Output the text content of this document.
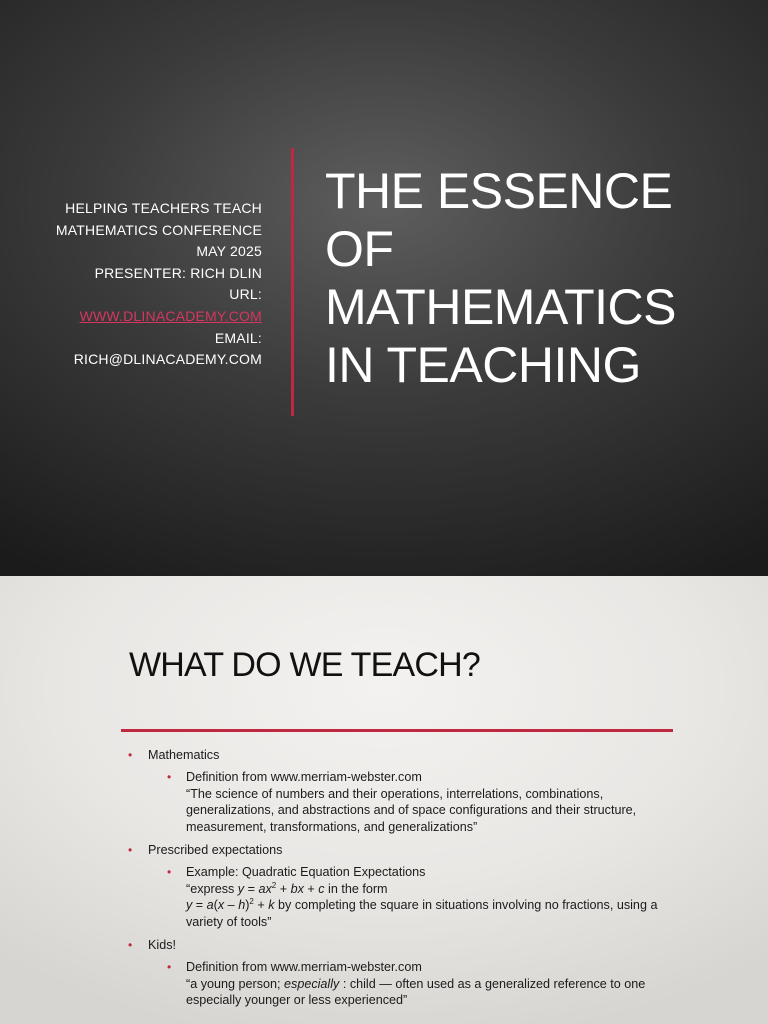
HELPING TEACHERS TEACH
MATHEMATICS CONFERENCE
MAY 2025
PRESENTER: RICH DLIN
URL:
WWW.DLINACADEMY.COM
EMAIL:
RICH@DLINACADEMY.COM
THE ESSENCE
OF
MATHEMATICS
IN TEACHING
WHAT DO WE TEACH?
• Mathematics
• Definition from www.merriam-webster.com
“The science of numbers and their operations, interrelations, combinations,
generalizations, and abstractions and of space configurations and their structure,
measurement, transformations, and generalizations”
• Prescribed expectations
• Example: Quadratic Equation Expectations
“express $y = ax^2$ + bx + c in the form
y = a(x – h)$^2$ + k by completing the square in situations involving no fractions, using a
variety of tools”
• Kids!
• Definition from www.merriam-webster.com
“a young person; especially : child — often used as a generalized reference to one
especially younger or less experienced”
